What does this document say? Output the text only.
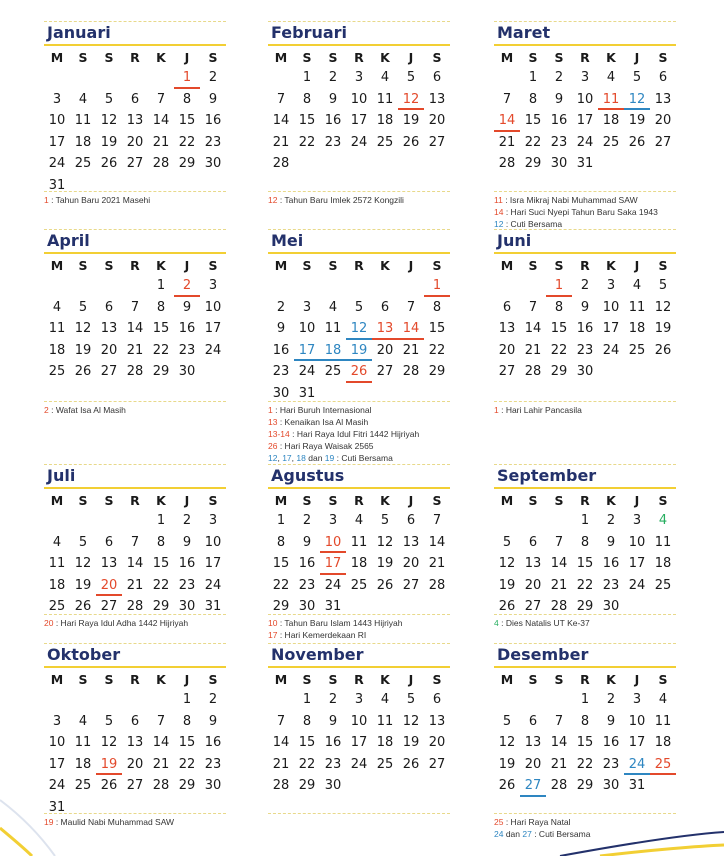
Januari
M	S	S	R	K	J	S
					1	2
3	4	5	6	7	8	9
10	11	12	13	14	15	16
17	18	19	20	21	22	23
24	25	26	27	28	29	30
31						
1 : Tahun Baru 2021 Masehi
Februari
M	S	S	R	K	J	S
	1	2	3	4	5	6
7	8	9	10	11	12	13
14	15	16	17	18	19	20
21	22	23	24	25	26	27
28						
12 : Tahun Baru Imlek 2572 Kongzili
Maret
M	S	S	R	K	J	S
	1	2	3	4	5	6
7	8	9	10	11	12	13
14	15	16	17	18	19	20
21	22	23	24	25	26	27
28	29	30	31			
11 : Isra Mikraj Nabi Muhammad SAW
14 : Hari Suci Nyepi Tahun Baru Saka 1943
12 : Cuti Bersama
April
M	S	S	R	K	J	S
				1	2	3
4	5	6	7	8	9	10
11	12	13	14	15	16	17
18	19	20	21	22	23	24
25	26	27	28	29	30	
2 : Wafat Isa Al Masih
Mei
M	S	S	R	K	J	S
						1
2	3	4	5	6	7	8
9	10	11	12	13	14	15
16	17	18	19	20	21	22
23	24	25	26	27	28	29
30	31					
1 : Hari Buruh Internasional
13 : Kenaikan Isa Al Masih
13-14 : Hari Raya Idul Fitri 1442 Hijriyah
26 : Hari Raya Waisak 2565
12, 17, 18 dan 19 : Cuti Bersama
Juni
M	S	S	R	K	J	S
		1	2	3	4	5
6	7	8	9	10	11	12
13	14	15	16	17	18	19
20	21	22	23	24	25	26
27	28	29	30			
1 : Hari Lahir Pancasila
Juli
M	S	S	R	K	J	S
				1	2	3
4	5	6	7	8	9	10
11	12	13	14	15	16	17
18	19	20	21	22	23	24
25	26	27	28	29	30	31
20 : Hari Raya Idul Adha 1442 Hijriyah
Agustus
M	S	S	R	K	J	S
1	2	3	4	5	6	7
8	9	10	11	12	13	14
15	16	17	18	19	20	21
22	23	24	25	26	27	28
29	30	31				
10 : Tahun Baru Islam 1443 Hijriyah
17 : Hari Kemerdekaan RI
September
M	S	S	R	K	J	S
			1	2	3	4
5	6	7	8	9	10	11
12	13	14	15	16	17	18
19	20	21	22	23	24	25
26	27	28	29	30		
4 : Dies Natalis UT Ke-37
Oktober
M	S	S	R	K	J	S
					1	2
3	4	5	6	7	8	9
10	11	12	13	14	15	16
17	18	19	20	21	22	23
24	25	26	27	28	29	30
31						
19 : Maulid Nabi Muhammad SAW
November
M	S	S	R	K	J	S
	1	2	3	4	5	6
7	8	9	10	11	12	13
14	15	16	17	18	19	20
21	22	23	24	25	26	27
28	29	30				
Desember
M	S	S	R	K	J	S
			1	2	3	4
5	6	7	8	9	10	11
12	13	14	15	16	17	18
19	20	21	22	23	24	25
26	27	28	29	30	31	
25 : Hari Raya Natal
24 dan 27 : Cuti Bersama
